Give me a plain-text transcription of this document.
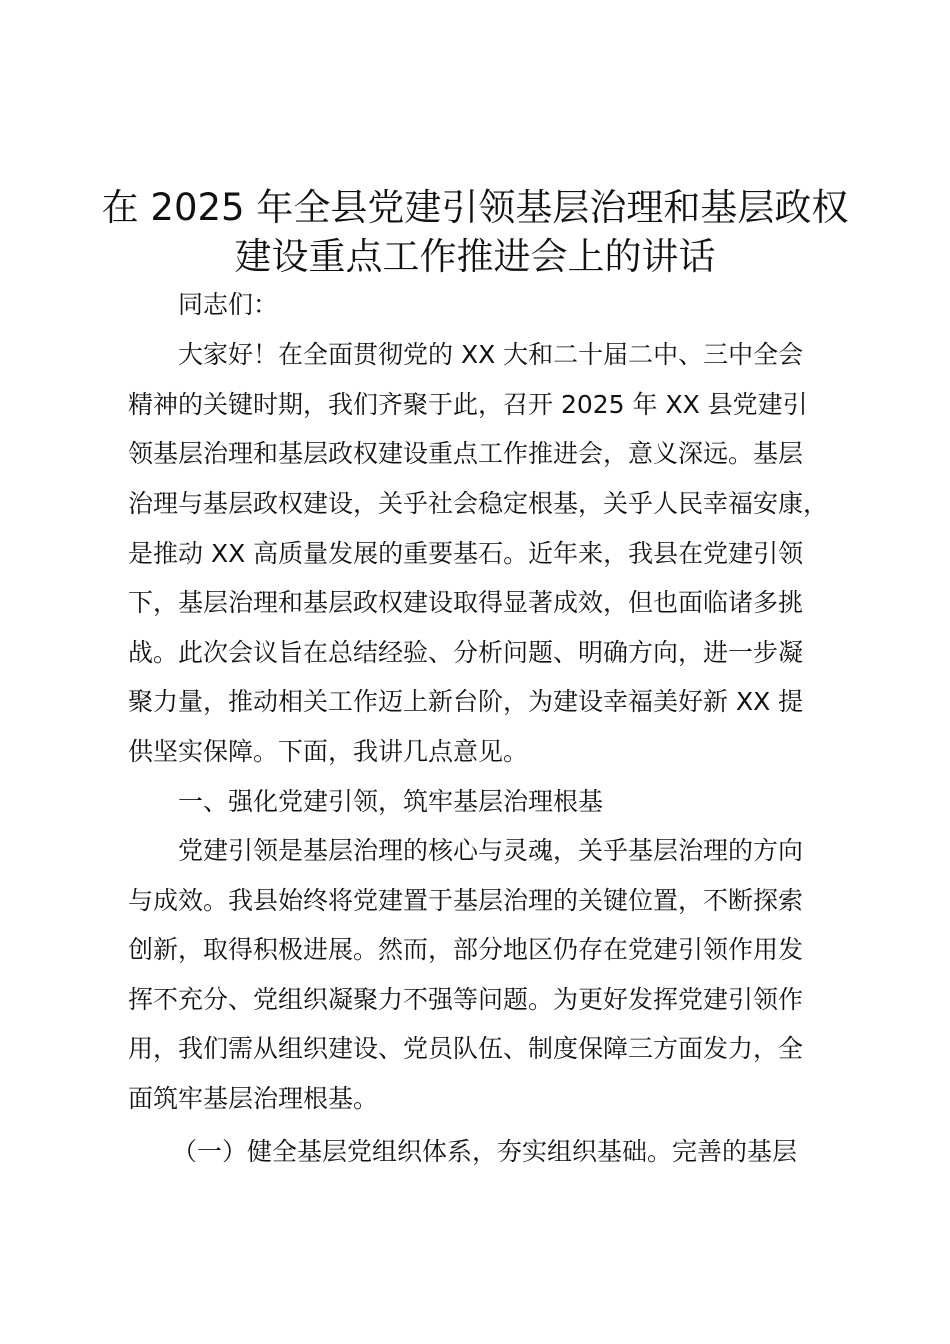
在 2025 年全县党建引领基层治理和基层政权
建设重点工作推进会上的讲话

同志们：

大家好！在全面贯彻党的 XX 大和二十届二中、三中全会

精神的关键时期，我们齐聚于此，召开 2025 年 XX 县党建引

领基层治理和基层政权建设重点工作推进会，意义深远。基层

治理与基层政权建设，关乎社会稳定根基，关乎人民幸福安康，

是推动 XX 高质量发展的重要基石。近年来，我县在党建引领

下，基层治理和基层政权建设取得显著成效，但也面临诸多挑

战。此次会议旨在总结经验、分析问题、明确方向，进一步凝

聚力量，推动相关工作迈上新台阶，为建设幸福美好新 XX 提

供坚实保障。下面，我讲几点意见。

一、强化党建引领，筑牢基层治理根基

党建引领是基层治理的核心与灵魂，关乎基层治理的方向

与成效。我县始终将党建置于基层治理的关键位置，不断探索

创新，取得积极进展。然而，部分地区仍存在党建引领作用发

挥不充分、党组织凝聚力不强等问题。为更好发挥党建引领作

用，我们需从组织建设、党员队伍、制度保障三方面发力，全

面筑牢基层治理根基。

（一）健全基层党组织体系，夯实组织基础。完善的基层
